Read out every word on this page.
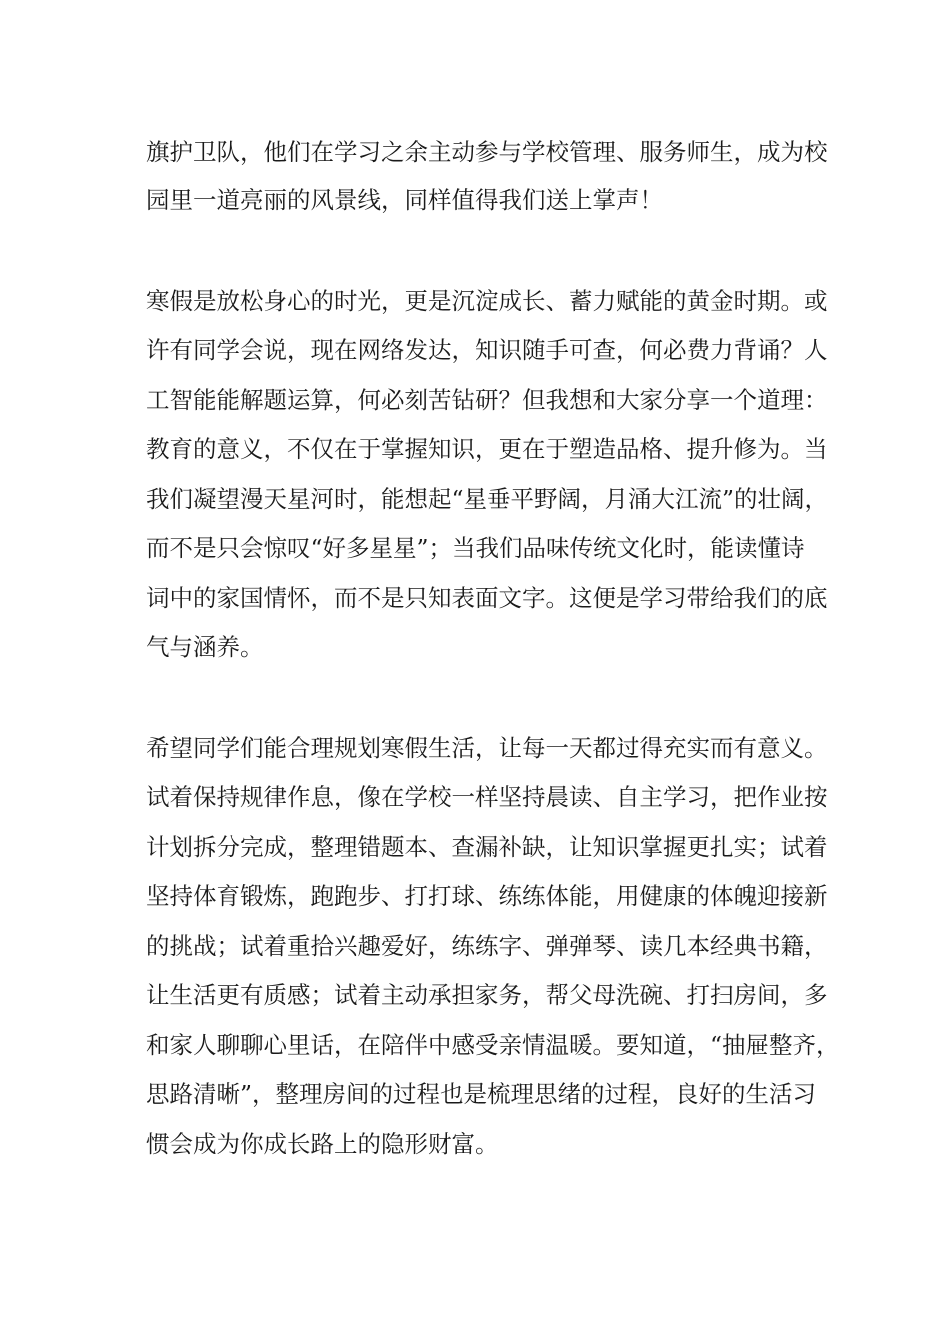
旗护卫队，他们在学习之余主动参与学校管理、服务师生，成为校
园里一道亮丽的风景线，同样值得我们送上掌声！
寒假是放松身心的时光，更是沉淀成长、蓄力赋能的黄金时期。或
许有同学会说，现在网络发达，知识随手可查，何必费力背诵？人
工智能能解题运算，何必刻苦钻研？但我想和大家分享一个道理：
教育的意义，不仅在于掌握知识，更在于塑造品格、提升修为。当
我们凝望漫天星河时，能想起“星垂平野阔，月涌大江流”的壮阔，
而不是只会惊叹“好多星星”；当我们品味传统文化时，能读懂诗
词中的家国情怀，而不是只知表面文字。这便是学习带给我们的底
气与涵养。
希望同学们能合理规划寒假生活，让每一天都过得充实而有意义。
试着保持规律作息，像在学校一样坚持晨读、自主学习，把作业按
计划拆分完成，整理错题本、查漏补缺，让知识掌握更扎实；试着
坚持体育锻炼，跑跑步、打打球、练练体能，用健康的体魄迎接新
的挑战；试着重拾兴趣爱好，练练字、弹弹琴、读几本经典书籍，
让生活更有质感；试着主动承担家务，帮父母洗碗、打扫房间，多
和家人聊聊心里话，在陪伴中感受亲情温暖。要知道，“抽屉整齐，
思路清晰”，整理房间的过程也是梳理思绪的过程，良好的生活习
惯会成为你成长路上的隐形财富。
